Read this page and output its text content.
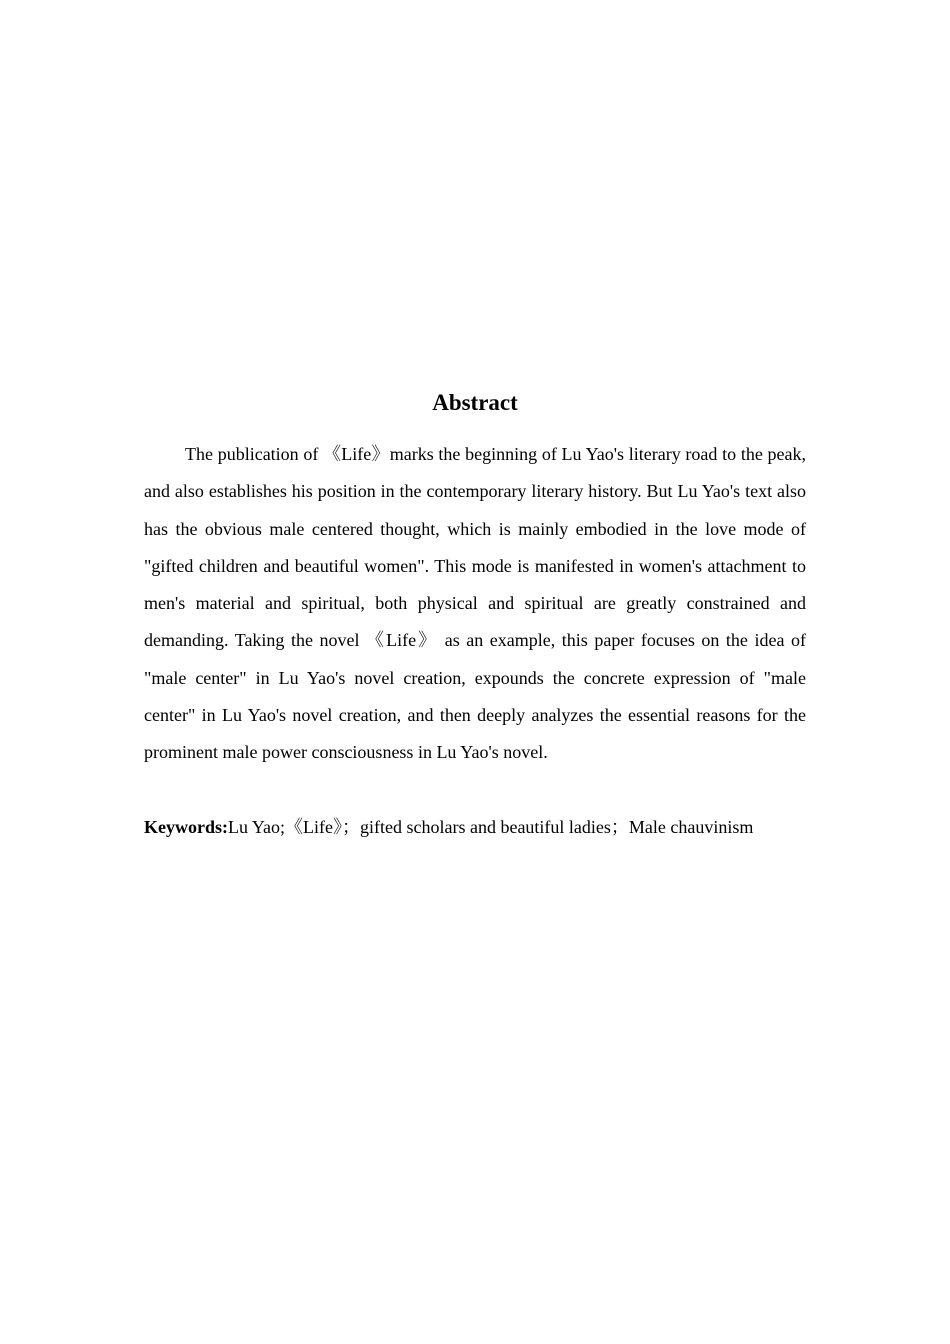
Abstract

The publication of 《Life》marks the beginning of Lu Yao's literary road to the peak, and also establishes his position in the contemporary literary history. But Lu Yao's text also has the obvious male centered thought, which is mainly embodied in the love mode of "gifted children and beautiful women". This mode is manifested in women's attachment to men's material and spiritual, both physical and spiritual are greatly constrained and demanding. Taking the novel 《Life》 as an example, this paper focuses on the idea of "male center" in Lu Yao's novel creation, expounds the concrete expression of "male center" in Lu Yao's novel creation, and then deeply analyzes the essential reasons for the prominent male power consciousness in Lu Yao's novel.

Keywords:Lu Yao;《Life》；gifted scholars and beautiful ladies；Male chauvinism
